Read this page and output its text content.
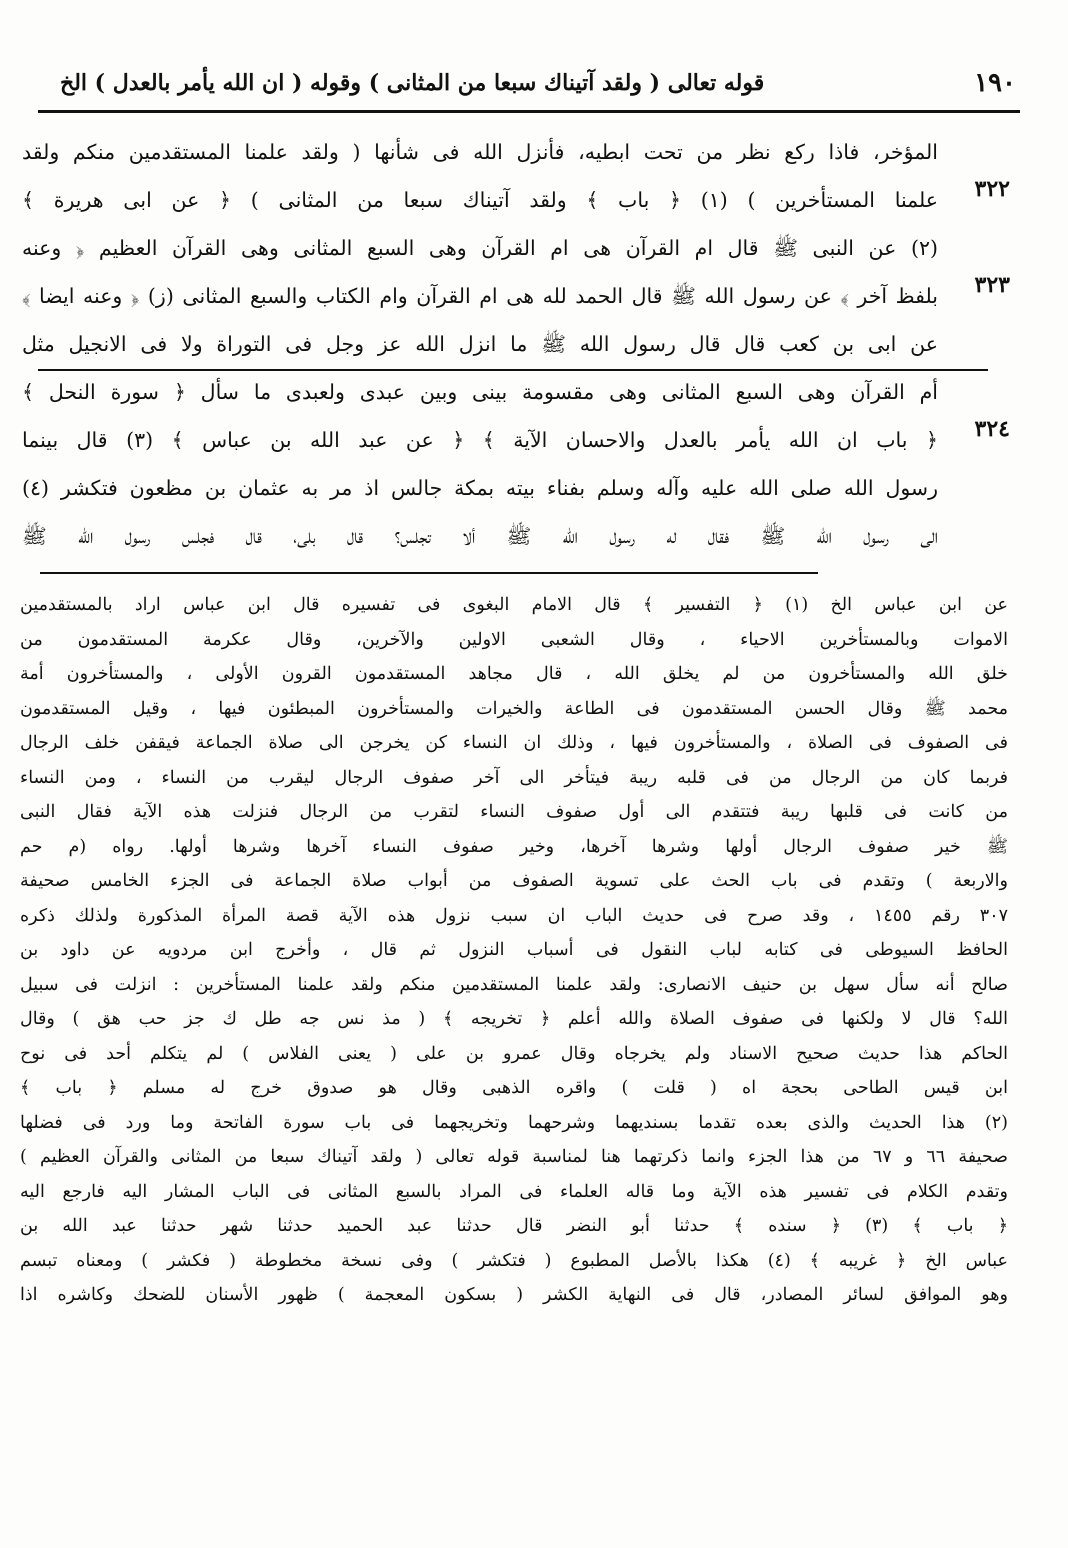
١٩٠
قوله تعالى ( ولقد آتيناك سبعا من المثانى ) وقوله ( ان الله يأمر بالعدل ) الخ
٣٢٢
٣٢٣
٣٢٤
المؤخر، فاذا ركع نظر من تحت ابطيه، فأنزل الله فى شأنها ( ولقد علمنا المستقدمين منكم ولقد
علمنا المستأخرين ) (١) ﴿ باب ﴾ ولقد آتيناك سبعا من المثانى ) ﴿ عن ابى هريرة ﴾
(٢) عن النبى ﷺ قال ام القرآن هى ام القرآن وهى السبع المثانى وهى القرآن العظيم ﴿ وعنه
بلفظ آخر ﴾ عن رسول الله ﷺ قال الحمد لله هى ام القرآن وام الكتاب والسبع المثانى (ز) ﴿ وعنه ايضا ﴾
عن ابى بن كعب قال قال رسول الله ﷺ ما انزل الله عز وجل فى التوراة ولا فى الانجيل مثل
أم القرآن وهى السبع المثانى وهى مقسومة بينى وبين عبدى ولعبدى ما سأل ﴿ سورة النحل ﴾
﴿ باب ان الله يأمر بالعدل والاحسان الآية ﴾ ﴿ عن عبد الله بن عباس ﴾ (٣) قال بينما
رسول الله صلى الله عليه وآله وسلم بفناء بيته بمكة جالس اذ مر به عثمان بن مظعون فتكشر (٤)
الى رسول الله ﷺ فقال له رسول الله ﷺ ألا تجلس؟ قال بلى، قال فجلس رسول الله ﷺ
عن ابن عباس الخ (١) ﴿ التفسير ﴾ قال الامام البغوى فى تفسيره قال ابن عباس اراد بالمستقدمين
الاموات وبالمستأخرين الاحياء ، وقال الشعبى الاولين والآخرين، وقال عكرمة المستقدمون من
خلق الله والمستأخرون من لم يخلق الله ، قال مجاهد المستقدمون القرون الأولى ، والمستأخرون أمة
محمد ﷺ وقال الحسن المستقدمون فى الطاعة والخيرات والمستأخرون المبطئون فيها ، وقيل المستقدمون
فى الصفوف فى الصلاة ، والمستأخرون فيها ، وذلك ان النساء كن يخرجن الى صلاة الجماعة فيقفن خلف الرجال
فربما كان من الرجال من فى قلبه ريبة فيتأخر الى آخر صفوف الرجال ليقرب من النساء ، ومن النساء
من كانت فى قلبها ريبة فتتقدم الى أول صفوف النساء لتقرب من الرجال فنزلت هذه الآية فقال النبى
ﷺ خير صفوف الرجال أولها وشرها آخرها، وخير صفوف النساء آخرها وشرها أولها. رواه (م حم
والاربعة ) وتقدم فى باب الحث على تسوية الصفوف من أبواب صلاة الجماعة فى الجزء الخامس صحيفة
٣٠٧ رقم ١٤٥٥ ، وقد صرح فى حديث الباب ان سبب نزول هذه الآية قصة المرأة المذكورة ولذلك ذكره
الحافظ السيوطى فى كتابه لباب النقول فى أسباب النزول ثم قال ، وأخرج ابن مردويه عن داود بن
صالح أنه سأل سهل بن حنيف الانصارى: ولقد علمنا المستقدمين منكم ولقد علمنا المستأخرين : انزلت فى سبيل
الله؟ قال لا ولكنها فى صفوف الصلاة والله أعلم ﴿ تخريجه ﴾ ( مذ نس جه طل ك جز حب هق ) وقال
الحاكم هذا حديث صحيح الاسناد ولم يخرجاه وقال عمرو بن على ( يعنى الفلاس ) لم يتكلم أحد فى نوح
ابن قيس الطاحى بحجة اه ( قلت ) واقره الذهبى وقال هو صدوق خرج له مسلم ﴿ باب ﴾
(٢) هذا الحديث والذى بعده تقدما بسنديهما وشرحهما وتخريجهما فى باب سورة الفاتحة وما ورد فى فضلها
صحيفة ٦٦ و ٦٧ من هذا الجزء وانما ذكرتهما هنا لمناسبة قوله تعالى ( ولقد آتيناك سبعا من المثانى والقرآن العظيم )
وتقدم الكلام فى تفسير هذه الآية وما قاله العلماء فى المراد بالسبع المثانى فى الباب المشار اليه فارجع اليه
﴿ باب ﴾ (٣) ﴿ سنده ﴾ حدثنا أبو النضر قال حدثنا عبد الحميد حدثنا شهر حدثنا عبد الله بن
عباس الخ ﴿ غريبه ﴾ (٤) هكذا بالأصل المطبوع ( فتكشر ) وفى نسخة مخطوطة ( فكشر ) ومعناه تبسم
وهو الموافق لسائر المصادر، قال فى النهاية الكشر ( بسكون المعجمة ) ظهور الأسنان للضحك وكاشره اذا
